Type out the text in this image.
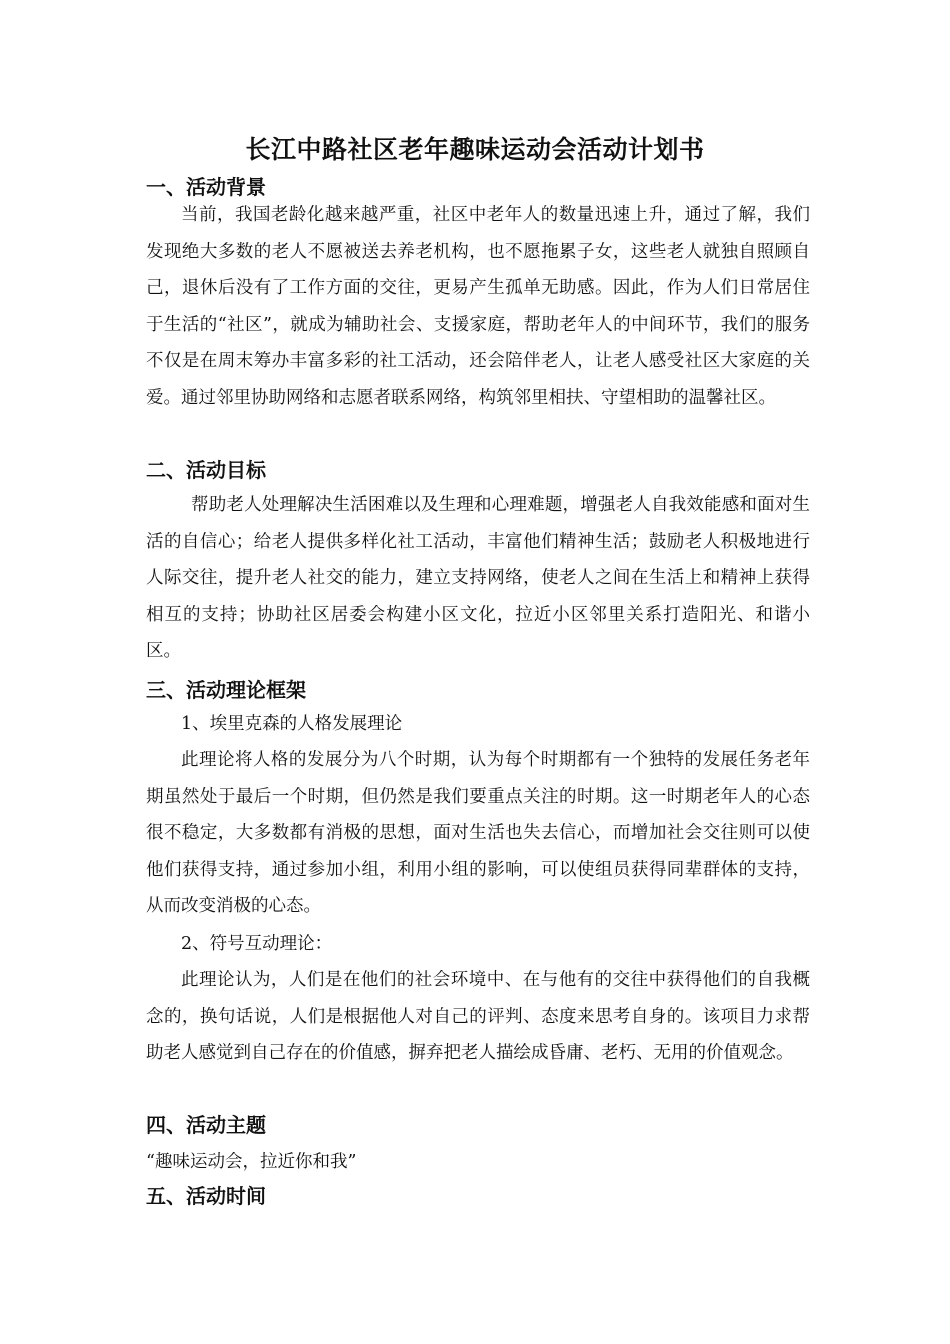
长江中路社区老年趣味运动会活动计划书
一、活动背景
当前，我国老龄化越来越严重，社区中老年人的数量迅速上升，通过了解，我们发现绝大多数的老人不愿被送去养老机构，也不愿拖累子女，这些老人就独自照顾自己，退休后没有了工作方面的交往，更易产生孤单无助感。因此，作为人们日常居住于生活的“社区”，就成为辅助社会、支援家庭，帮助老年人的中间环节，我们的服务不仅是在周末筹办丰富多彩的社工活动，还会陪伴老人，让老人感受社区大家庭的关爱。通过邻里协助网络和志愿者联系网络，构筑邻里相扶、守望相助的温馨社区。
二、活动目标
帮助老人处理解决生活困难以及生理和心理难题，增强老人自我效能感和面对生活的自信心；给老人提供多样化社工活动，丰富他们精神生活；鼓励老人积极地进行人际交往，提升老人社交的能力，建立支持网络，使老人之间在生活上和精神上获得相互的支持；协助社区居委会构建小区文化，拉近小区邻里关系打造阳光、和谐小区。
三、活动理论框架
1、埃里克森的人格发展理论
此理论将人格的发展分为八个时期，认为每个时期都有一个独特的发展任务老年期虽然处于最后一个时期，但仍然是我们要重点关注的时期。这一时期老年人的心态很不稳定，大多数都有消极的思想，面对生活也失去信心，而增加社会交往则可以使他们获得支持，通过参加小组，利用小组的影响，可以使组员获得同辈群体的支持，从而改变消极的心态。
2、符号互动理论：
此理论认为，人们是在他们的社会环境中、在与他有的交往中获得他们的自我概念的，换句话说，人们是根据他人对自己的评判、态度来思考自身的。该项目力求帮助老人感觉到自己存在的价值感，摒弃把老人描绘成昏庸、老朽、无用的价值观念。
四、活动主题
“趣味运动会，拉近你和我”
五、活动时间
